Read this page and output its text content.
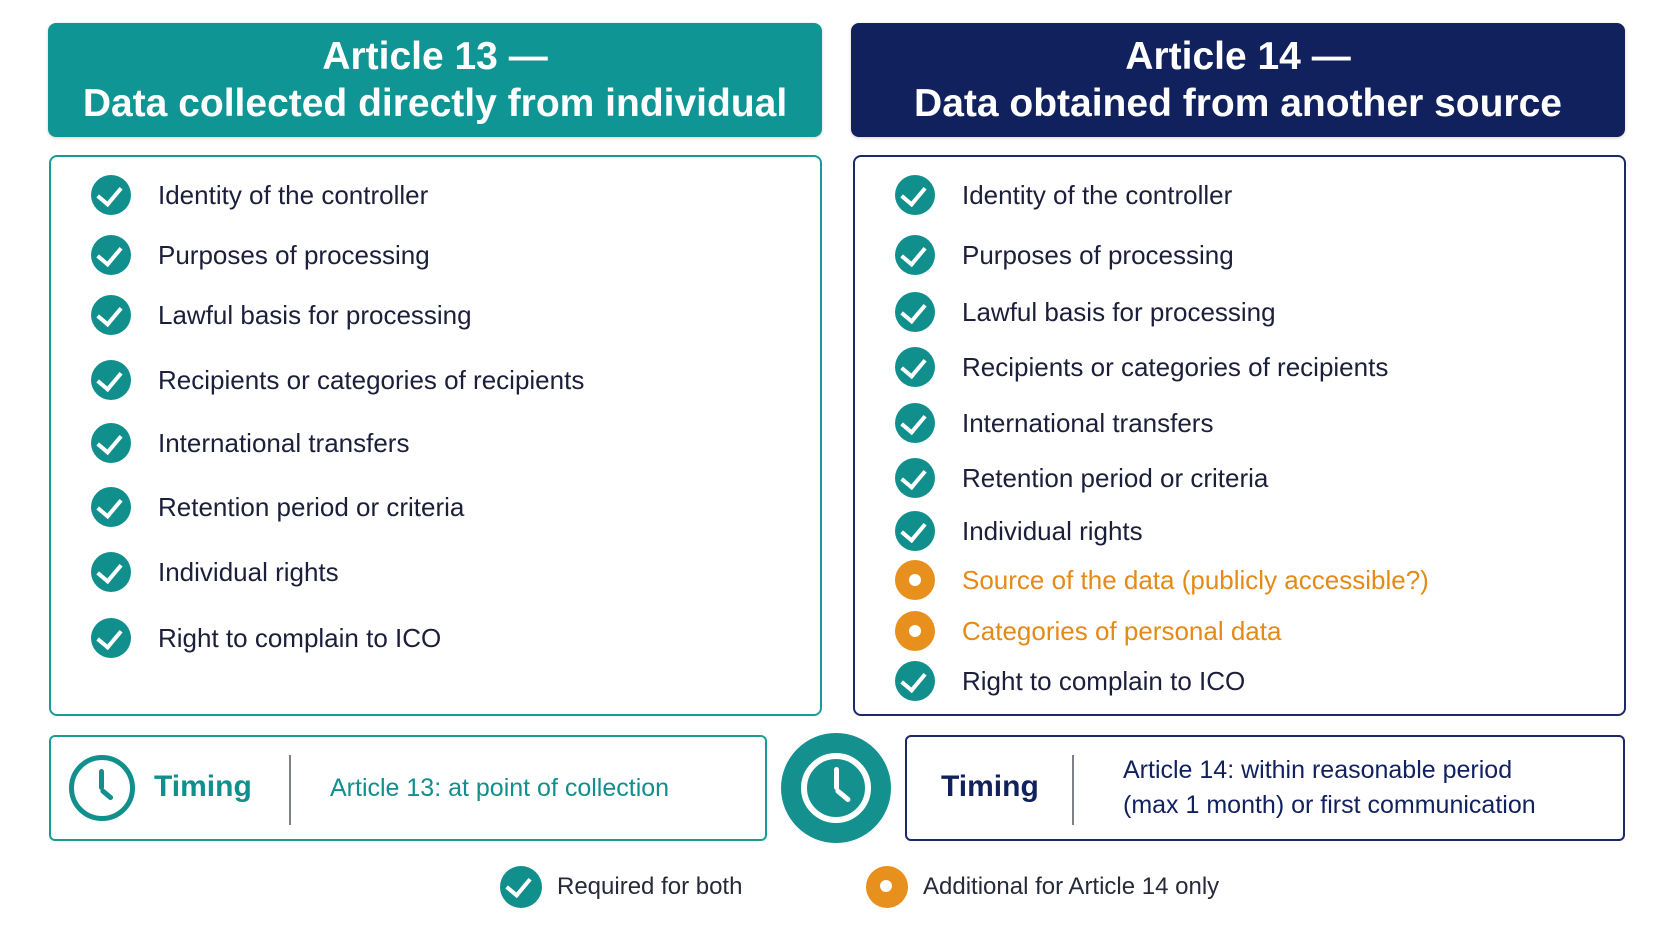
Article 13 —
Data collected directly from individual
Article 14 —
Data obtained from another source
Identity of the controller
Purposes of processing
Lawful basis for processing
Recipients or categories of recipients
International transfers
Retention period or criteria
Individual rights
Right to complain to ICO
Identity of the controller
Purposes of processing
Lawful basis for processing
Recipients or categories of recipients
International transfers
Retention period or criteria
Individual rights
Source of the data (publicly accessible?)
Categories of personal data
Right to complain to ICO
Timing	Article 13: at point of collection	Timing	Article 14: within reasonable period
(max 1 month) or first communication
Required for both	Additional for Article 14 only
